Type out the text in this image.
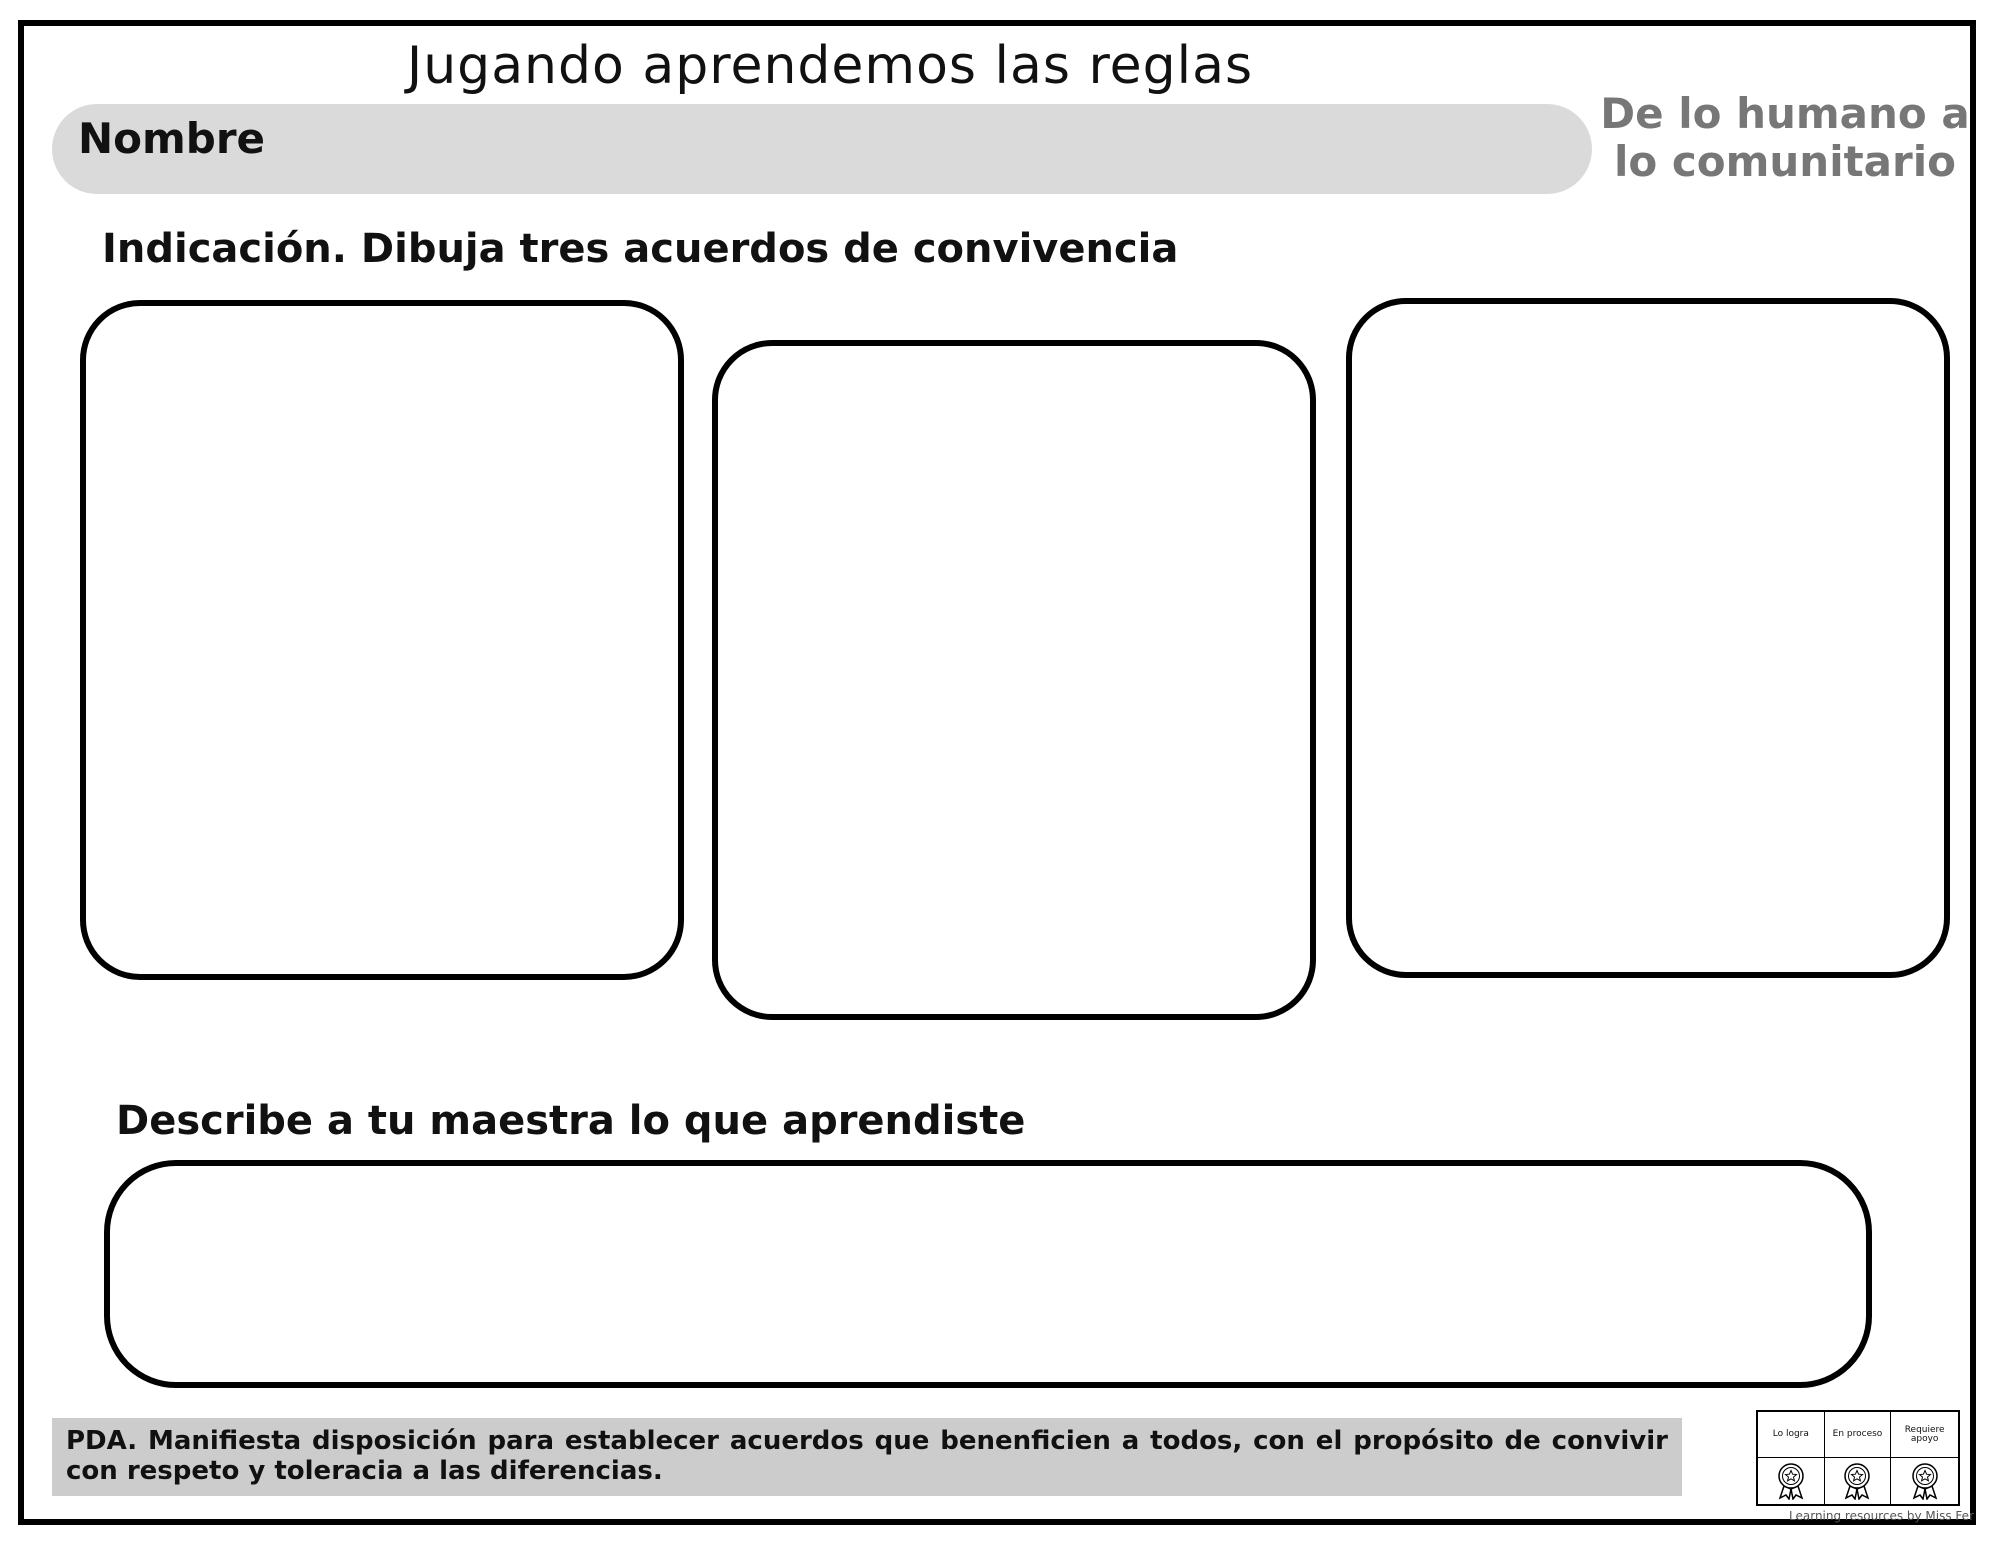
Jugando aprendemos las reglas
Nombre
De lo humano a lo comunitario
Indicación. Dibuja tres acuerdos de convivencia
Describe a tu maestra lo que aprendiste
PDA. Manifiesta disposición para establecer acuerdos que benenficien a todos, con el propósito de convivir con respeto y toleracia a las diferencias.
Lo logra	En proceso	Requiere apoyo
Learning resources by Miss Fer
